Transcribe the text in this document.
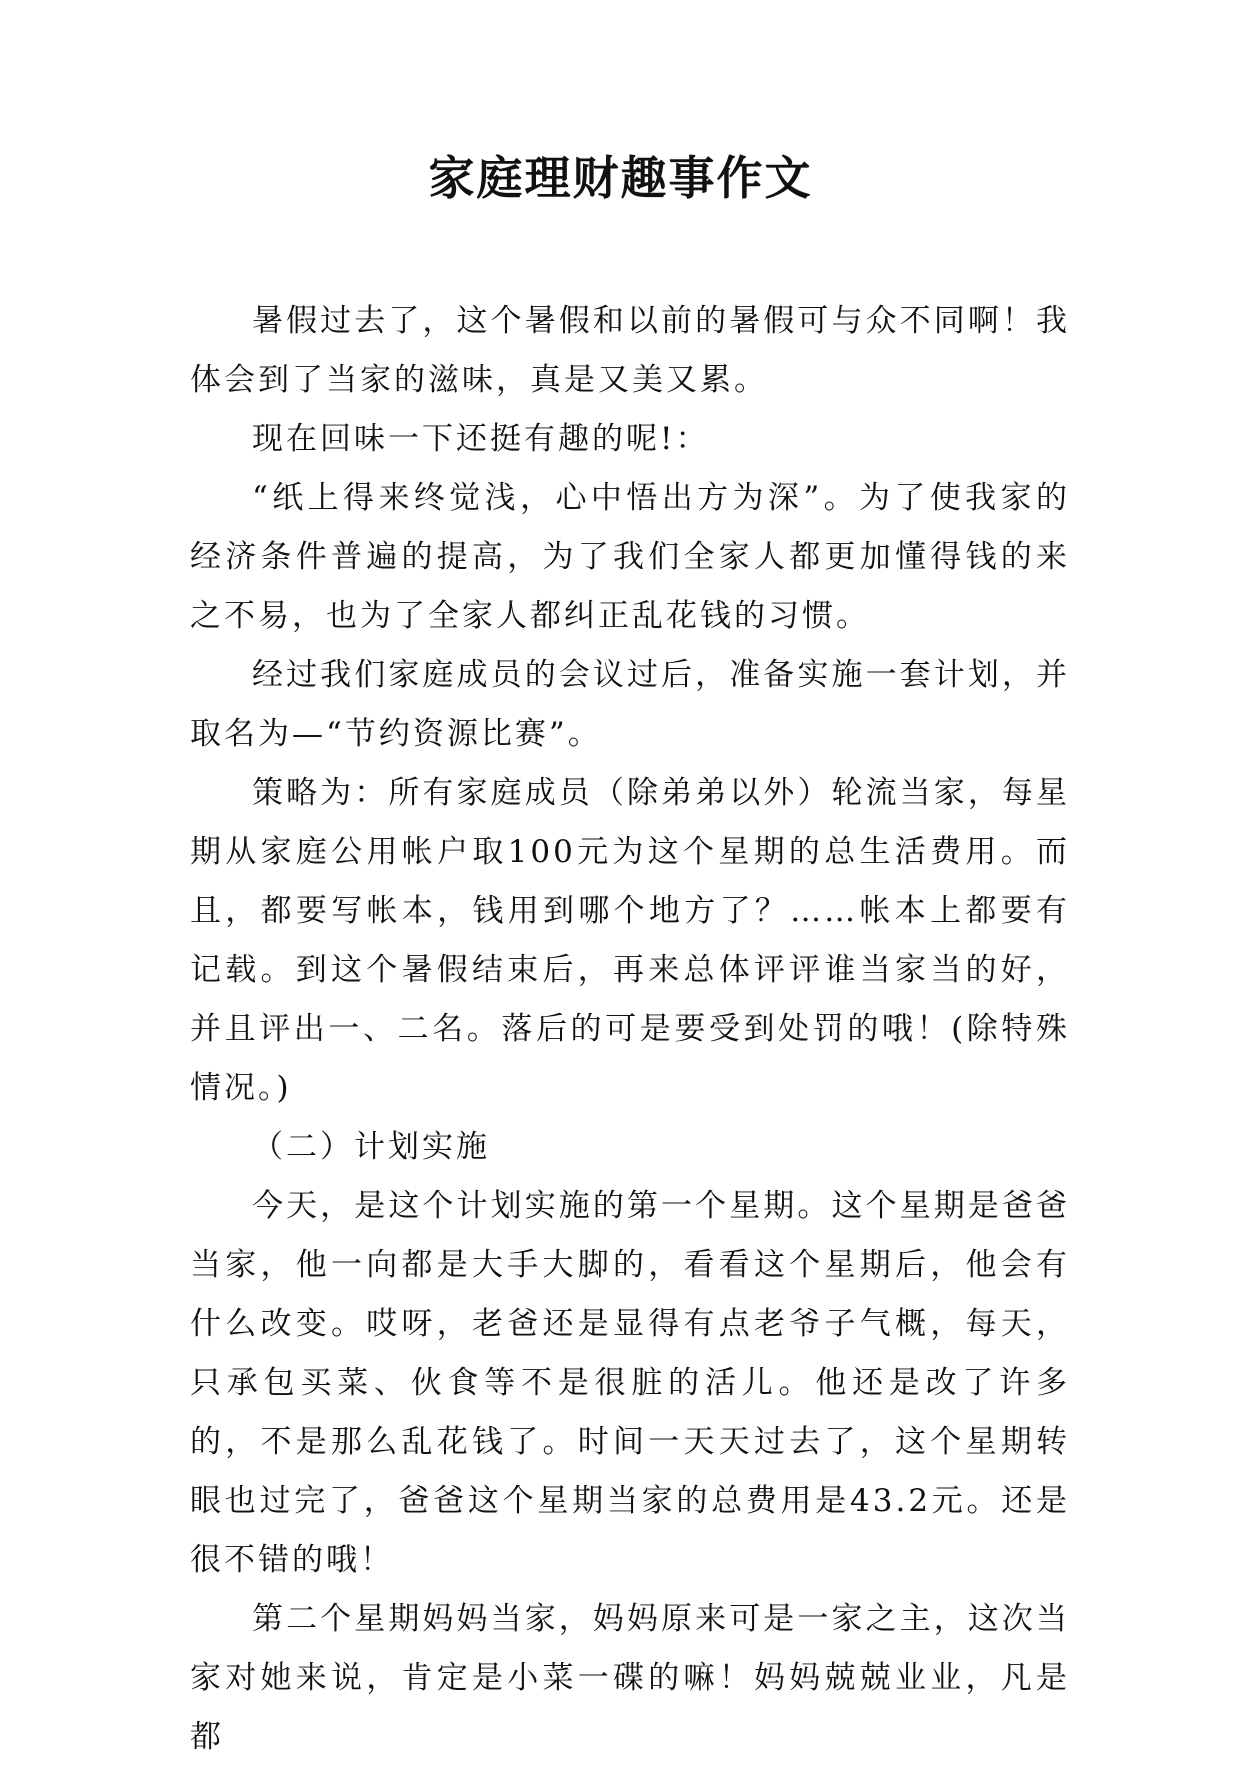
家庭理财趣事作文

暑假过去了，这个暑假和以前的暑假可与众不同啊！我体会到了当家的滋味，真是又美又累。

现在回味一下还挺有趣的呢!：

“纸上得来终觉浅，心中悟出方为深”。为了使我家的经济条件普遍的提高，为了我们全家人都更加懂得钱的来之不易，也为了全家人都纠正乱花钱的习惯。

经过我们家庭成员的会议过后，准备实施一套计划，并取名为—“节约资源比赛”。

策略为：所有家庭成员（除弟弟以外）轮流当家，每星期从家庭公用帐户取100元为这个星期的总生活费用。而且，都要写帐本，钱用到哪个地方了？……帐本上都要有记载。到这个暑假结束后，再来总体评评谁当家当的好，并且评出一、二名。落后的可是要受到处罚的哦！(除特殊情况。)

（二）计划实施

今天，是这个计划实施的第一个星期。这个星期是爸爸当家，他一向都是大手大脚的，看看这个星期后，他会有什么改变。哎呀，老爸还是显得有点老爷子气概，每天，只承包买菜、伙食等不是很脏的活儿。他还是改了许多的，不是那么乱花钱了。时间一天天过去了，这个星期转眼也过完了，爸爸这个星期当家的总费用是43.2元。还是很不错的哦！

第二个星期妈妈当家，妈妈原来可是一家之主，这次当家对她来说，肯定是小菜一碟的嘛！妈妈兢兢业业，凡是都
